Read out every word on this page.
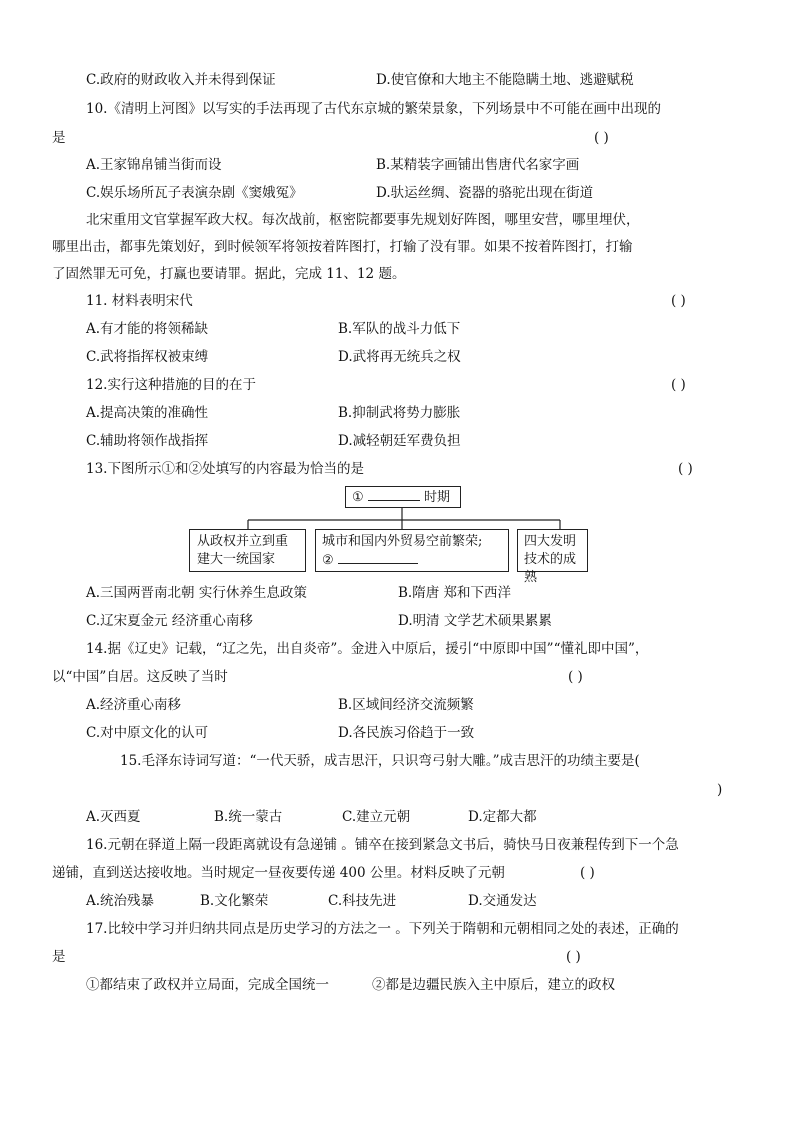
C.政府的财政收入并未得到保证	D.使官僚和大地主不能隐瞒土地、逃避赋税
10.《清明上河图》以写实的手法再现了古代东京城的繁荣景象，下列场景中不可能在画中出现的
是	( )
A.王家锦帛铺当街而设	B.某精装字画铺出售唐代名家字画
C.娱乐场所瓦子表演杂剧《窦娥冤》	D.驮运丝绸、瓷器的骆驼出现在街道
北宋重用文官掌握军政大权。每次战前，枢密院都要事先规划好阵图，哪里安营，哪里埋伏，
哪里出击，都事先策划好，到时候领军将领按着阵图打，打输了没有罪。如果不按着阵图打，打输
了固然罪无可免，打赢也要请罪。据此，完成 11、12 题。
11. 材料表明宋代	( )
A.有才能的将领稀缺	B.军队的战斗力低下
C.武将指挥权被束缚	D.武将再无统兵之权
12.实行这种措施的目的在于	( )
A.提高决策的准确性	B.抑制武将势力膨胀
C.辅助将领作战指挥	D.减轻朝廷军费负担
13.下图所示①和②处填写的内容最为恰当的是	( )
①	时期
从政权并立到重建大一统国家
城市和国内外贸易空前繁荣;
②
四大发明技术的成熟
A.三国两晋南北朝 实行休养生息政策	B.隋唐 郑和下西洋
C.辽宋夏金元 经济重心南移	D.明清 文学艺术硕果累累
14.据《辽史》记载，“辽之先，出自炎帝”。金进入中原后，援引“中原即中国”“懂礼即中国”，
以“中国”自居。这反映了当时	( )
A.经济重心南移	B.区域间经济交流频繁
C.对中原文化的认可	D.各民族习俗趋于一致
15.毛泽东诗词写道：“一代天骄，成吉思汗，只识弯弓射大雕。”成吉思汗的功绩主要是(
)
A.灭西夏	B.统一蒙古	C.建立元朝	D.定都大都
16.元朝在驿道上隔一段距离就设有急递铺 。铺卒在接到紧急文书后，骑快马日夜兼程传到下一个急
递铺，直到送达接收地。当时规定一昼夜要传递 400 公里。材料反映了元朝	( )
A.统治残暴	B.文化繁荣	C.科技先进	D.交通发达
17.比较中学习并归纳共同点是历史学习的方法之一 。下列关于隋朝和元朝相同之处的表述，正确的
是	( )
①都结束了政权并立局面，完成全国统一	②都是边疆民族入主中原后，建立的政权
